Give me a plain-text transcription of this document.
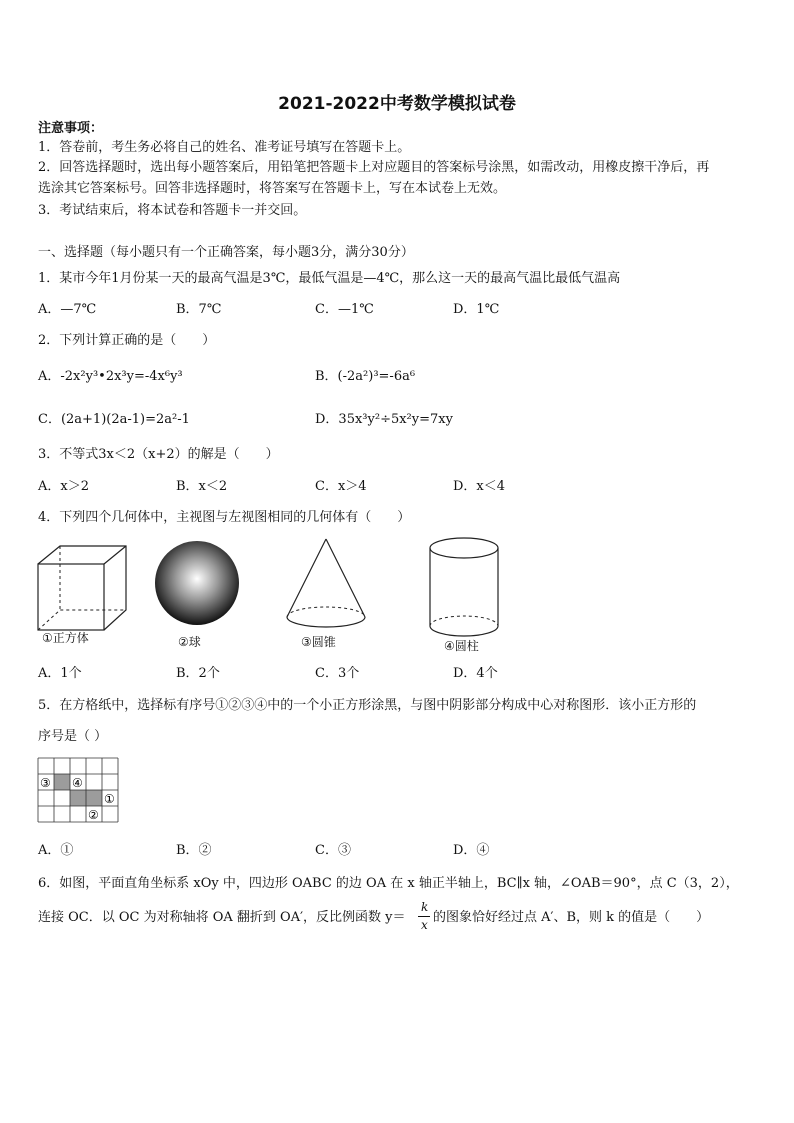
2021-2022中考数学模拟试卷
注意事项：
1．答卷前，考生务必将自己的姓名、准考证号填写在答题卡上。
2．回答选择题时，选出每小题答案后，用铅笔把答题卡上对应题目的答案标号涂黑，如需改动，用橡皮擦干净后，再
选涂其它答案标号。回答非选择题时，将答案写在答题卡上，写在本试卷上无效。
3．考试结束后，将本试卷和答题卡一并交回。
一、选择题（每小题只有一个正确答案，每小题3分，满分30分）
1．某市今年1月份某一天的最高气温是3℃，最低气温是—4℃，那么这一天的最高气温比最低气温高
A．—7℃	B．7℃	C．—1℃	D．1℃
2．下列计算正确的是（　　）
A．-2x²y³•2x³y=-4x⁶y³	B．(-2a²)³=-6a⁶
C．(2a+1)(2a-1)=2a²-1	D．35x³y²÷5x²y=7xy
3．不等式3x＜2（x+2）的解是（　　）
A．x＞2	B．x＜2	C．x＞4	D．x＜4
4．下列四个几何体中，主视图与左视图相同的几何体有（　　）
①正方体	②球	③圆锥	④圆柱
A．1个	B．2个	C．3个	D．4个
5．在方格纸中，选择标有序号①②③④中的一个小正方形涂黑，与图中阴影部分构成中心对称图形．该小正方形的
序号是（ ）
③ ④
①
②
A．①	B．②	C．③	D．④
6．如图，平面直角坐标系 xOy 中，四边形 OABC 的边 OA 在 x 轴正半轴上，BC∥x 轴，∠OAB＝90°，点 C（3，2），
连接 OC．以 OC 为对称轴将 OA 翻折到 OA′，反比例函数 y＝
k
x 的图象恰好经过点 A′、B，则 k 的值是（　　）
